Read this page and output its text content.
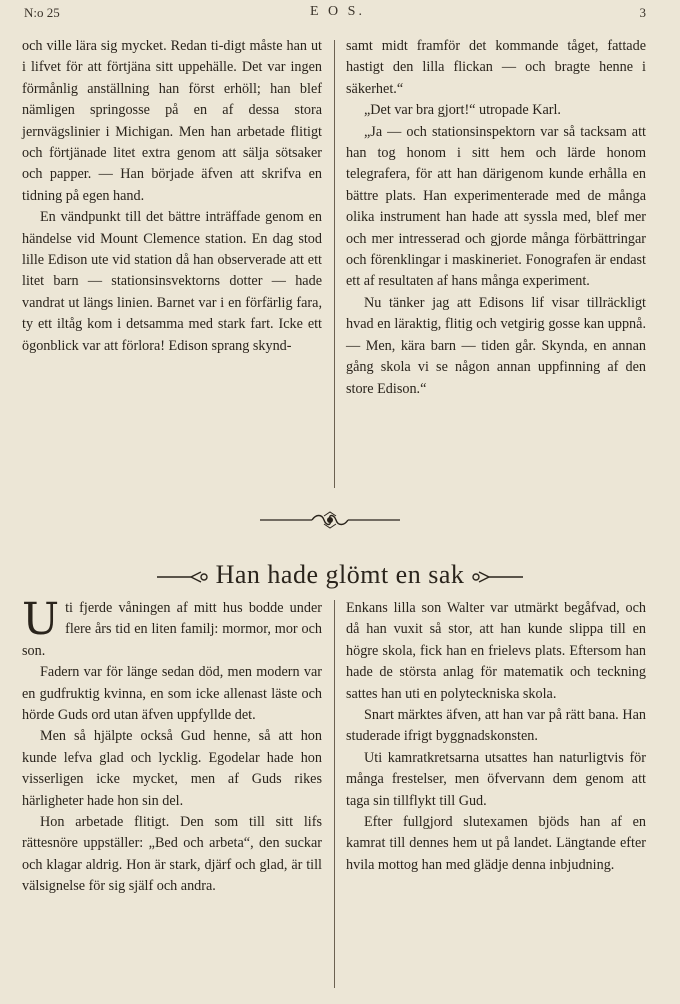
N:o 25	E O S.	3

och ville lära sig mycket. Redan ti-digt måste han ut i lifvet för att förtjäna sitt uppehälle. Det var ingen förmånlig anställning han först erhöll; han blef nämligen springosse på en af dessa stora jernvägslinier i Michigan. Men han arbetade flitigt och förtjänade litet extra genom att sälja sötsaker och papper. — Han började äfven att skrifva en tidning på egen hand.

En vändpunkt till det bättre inträffade genom en händelse vid Mount Clemence station. En dag stod lille Edison ute vid station då han observerade att ett litet barn — stationsinsvektorns dotter — hade vandrat ut längs linien. Barnet var i en förfärlig fara, ty ett iltåg kom i detsamma med stark fart. Icke ett ögonblick var att förlora! Edison sprang skynd-

samt midt framför det kommande tåget, fattade hastigt den lilla flickan — och bragte henne i säkerhet.“

„Det var bra gjort!“ utropade Karl.

„Ja — och stationsinspektorn var så tacksam att han tog honom i sitt hem och lärde honom telegrafera, för att han därigenom kunde erhålla en bättre plats. Han experimenterade med de många olika instrument han hade att syssla med, blef mer och mer intresserad och gjorde många förbättringar och förenklingar i maskineriet. Fonografen är endast ett af resultaten af hans många experiment.

Nu tänker jag att Edisons lif visar tillräckligt hvad en läraktig, flitig och vetgirig gosse kan uppnå. — Men, kära barn — tiden går. Skynda, en annan gång skola vi se någon annan uppfinning af den store Edison.“

Han hade glömt en sak

Uti fjerde våningen af mitt hus bodde under flere års tid en liten familj: mormor, mor och son.

Fadern var för länge sedan död, men modern var en gudfruktig kvinna, en som icke allenast läste och hörde Guds ord utan äfven uppfyllde det.

Men så hjälpte också Gud henne, så att hon kunde lefva glad och lycklig. Egodelar hade hon visserligen icke mycket, men af Guds rikes härligheter hade hon sin del.

Hon arbetade flitigt. Den som till sitt lifs rättesnöre uppställer: „Bed och arbeta“, den suckar och klagar aldrig. Hon är stark, djärf och glad, är till välsignelse för sig själf och andra.

Enkans lilla son Walter var utmärkt begåfvad, och då han vuxit så stor, att han kunde slippa till en högre skola, fick han en frielevs plats. Eftersom han hade de största anlag för matematik och teckning sattes han uti en polyteckniska skola.

Snart märktes äfven, att han var på rätt bana. Han studerade ifrigt byggnadskonsten.

Uti kamratkretsarna utsattes han naturligtvis för många frestelser, men öfvervann dem genom att taga sin tillflykt till Gud.

Efter fullgjord slutexamen bjöds han af en kamrat till dennes hem ut på landet. Längtande efter hvila mottog han med glädje denna inbjudning.
